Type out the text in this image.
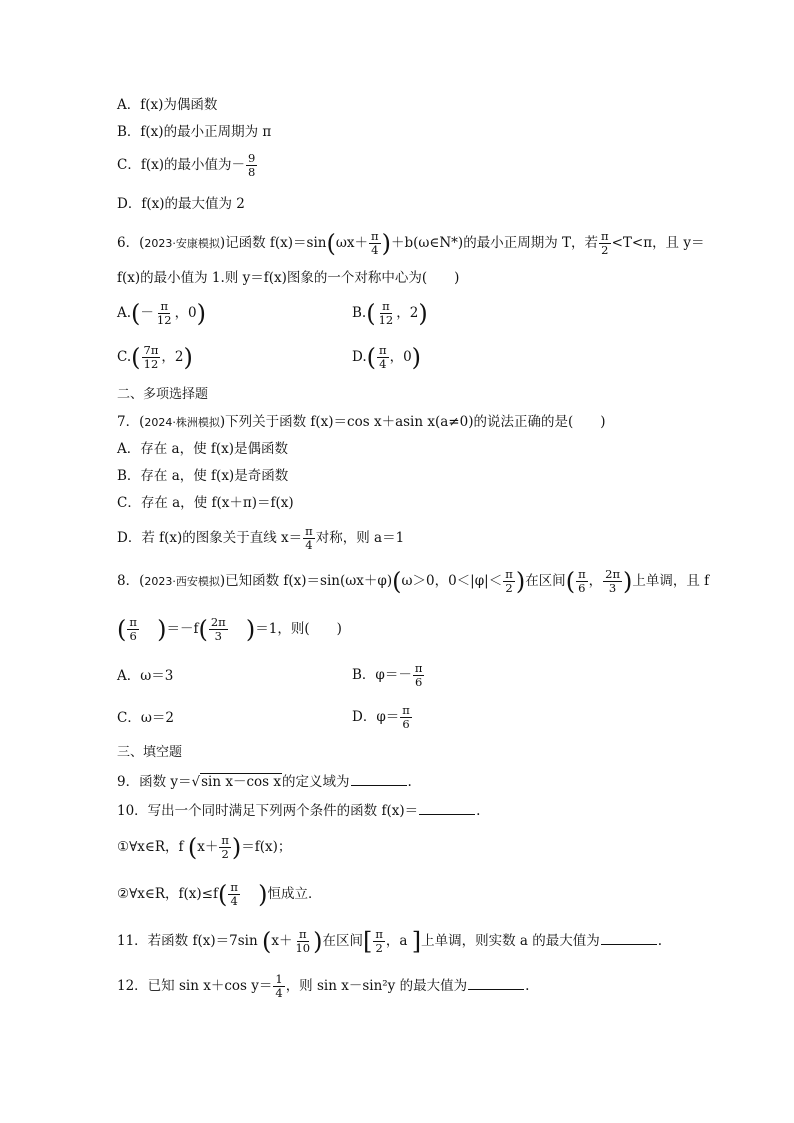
A．f(x)为偶函数
B．f(x)的最小正周期为 π
C．f(x)的最小值为－ $\frac{9}{8}$
D．f(x)的最大值为 2
6．(2023·安康模拟)记函数 $f(x)=\sin(\omega x+ \frac{\pi}{4}$ )＋b(ω∈N*)的最小正周期为 T，若 $\frac{\pi}{2} <T<\pi$，且 y＝
f(x)的最小值为 1.则 y＝f(x)图象的一个对称中心为(　　)
$A.(- \frac{\pi}{12}$ ，0)	$B.( \frac{\pi}{12}$ ，2)
$C.( \frac{7\pi}{12}$ ，2)	$D.( \frac{\pi}{4}$ ，0)
二、多项选择题
7．(2024·株洲模拟)下列关于函数 f(x)＝cos x＋asin x(a≠0)的说法正确的是(　　)
A．存在 a，使 f(x)是偶函数
B．存在 a，使 f(x)是奇函数
C．存在 a，使 f(x＋π)＝f(x)
D．若 f(x)的图象关于直线 $x= \frac{\pi}{4}$ 对称，则 a＝1
8．(2023·西安模拟)已知函数 f(x)＝sin(ωx＋φ)(ω＞0，$0<|\varphi|< \frac{\pi}{2}$ )在区间( $\frac{\pi}{6}$ ， $\frac{2\pi}{3}$ )上单调，且 f
( $\frac{\pi}{6} )=-f( \frac{2\pi}{3} )=1$，则(　　)
A．ω＝3	B．$\varphi=- \frac{\pi}{6}$
C．ω＝2	D．$\varphi= \frac{\pi}{6}$
三、填空题
9．函数 y＝√sin x－cos x的定义域为	.
10．写出一个同时满足下列两个条件的函数 f(x)＝	.
①∀x∈R，f $(x+ \frac{\pi}{2} )=f(x)$；
②∀x∈R，$f(x)\le f( \frac{\pi}{4}$ )恒成立．
11．若函数 f(x)＝7sin ($x+ \frac{\pi}{10}$ )在区间[ $\frac{\pi}{2}$ ，a ]上单调，则实数 a 的最大值为	.
12．已知 sin x＋cos $y= \frac{1}{4}$ ，则 sin x－sin²y 的最大值为	.
